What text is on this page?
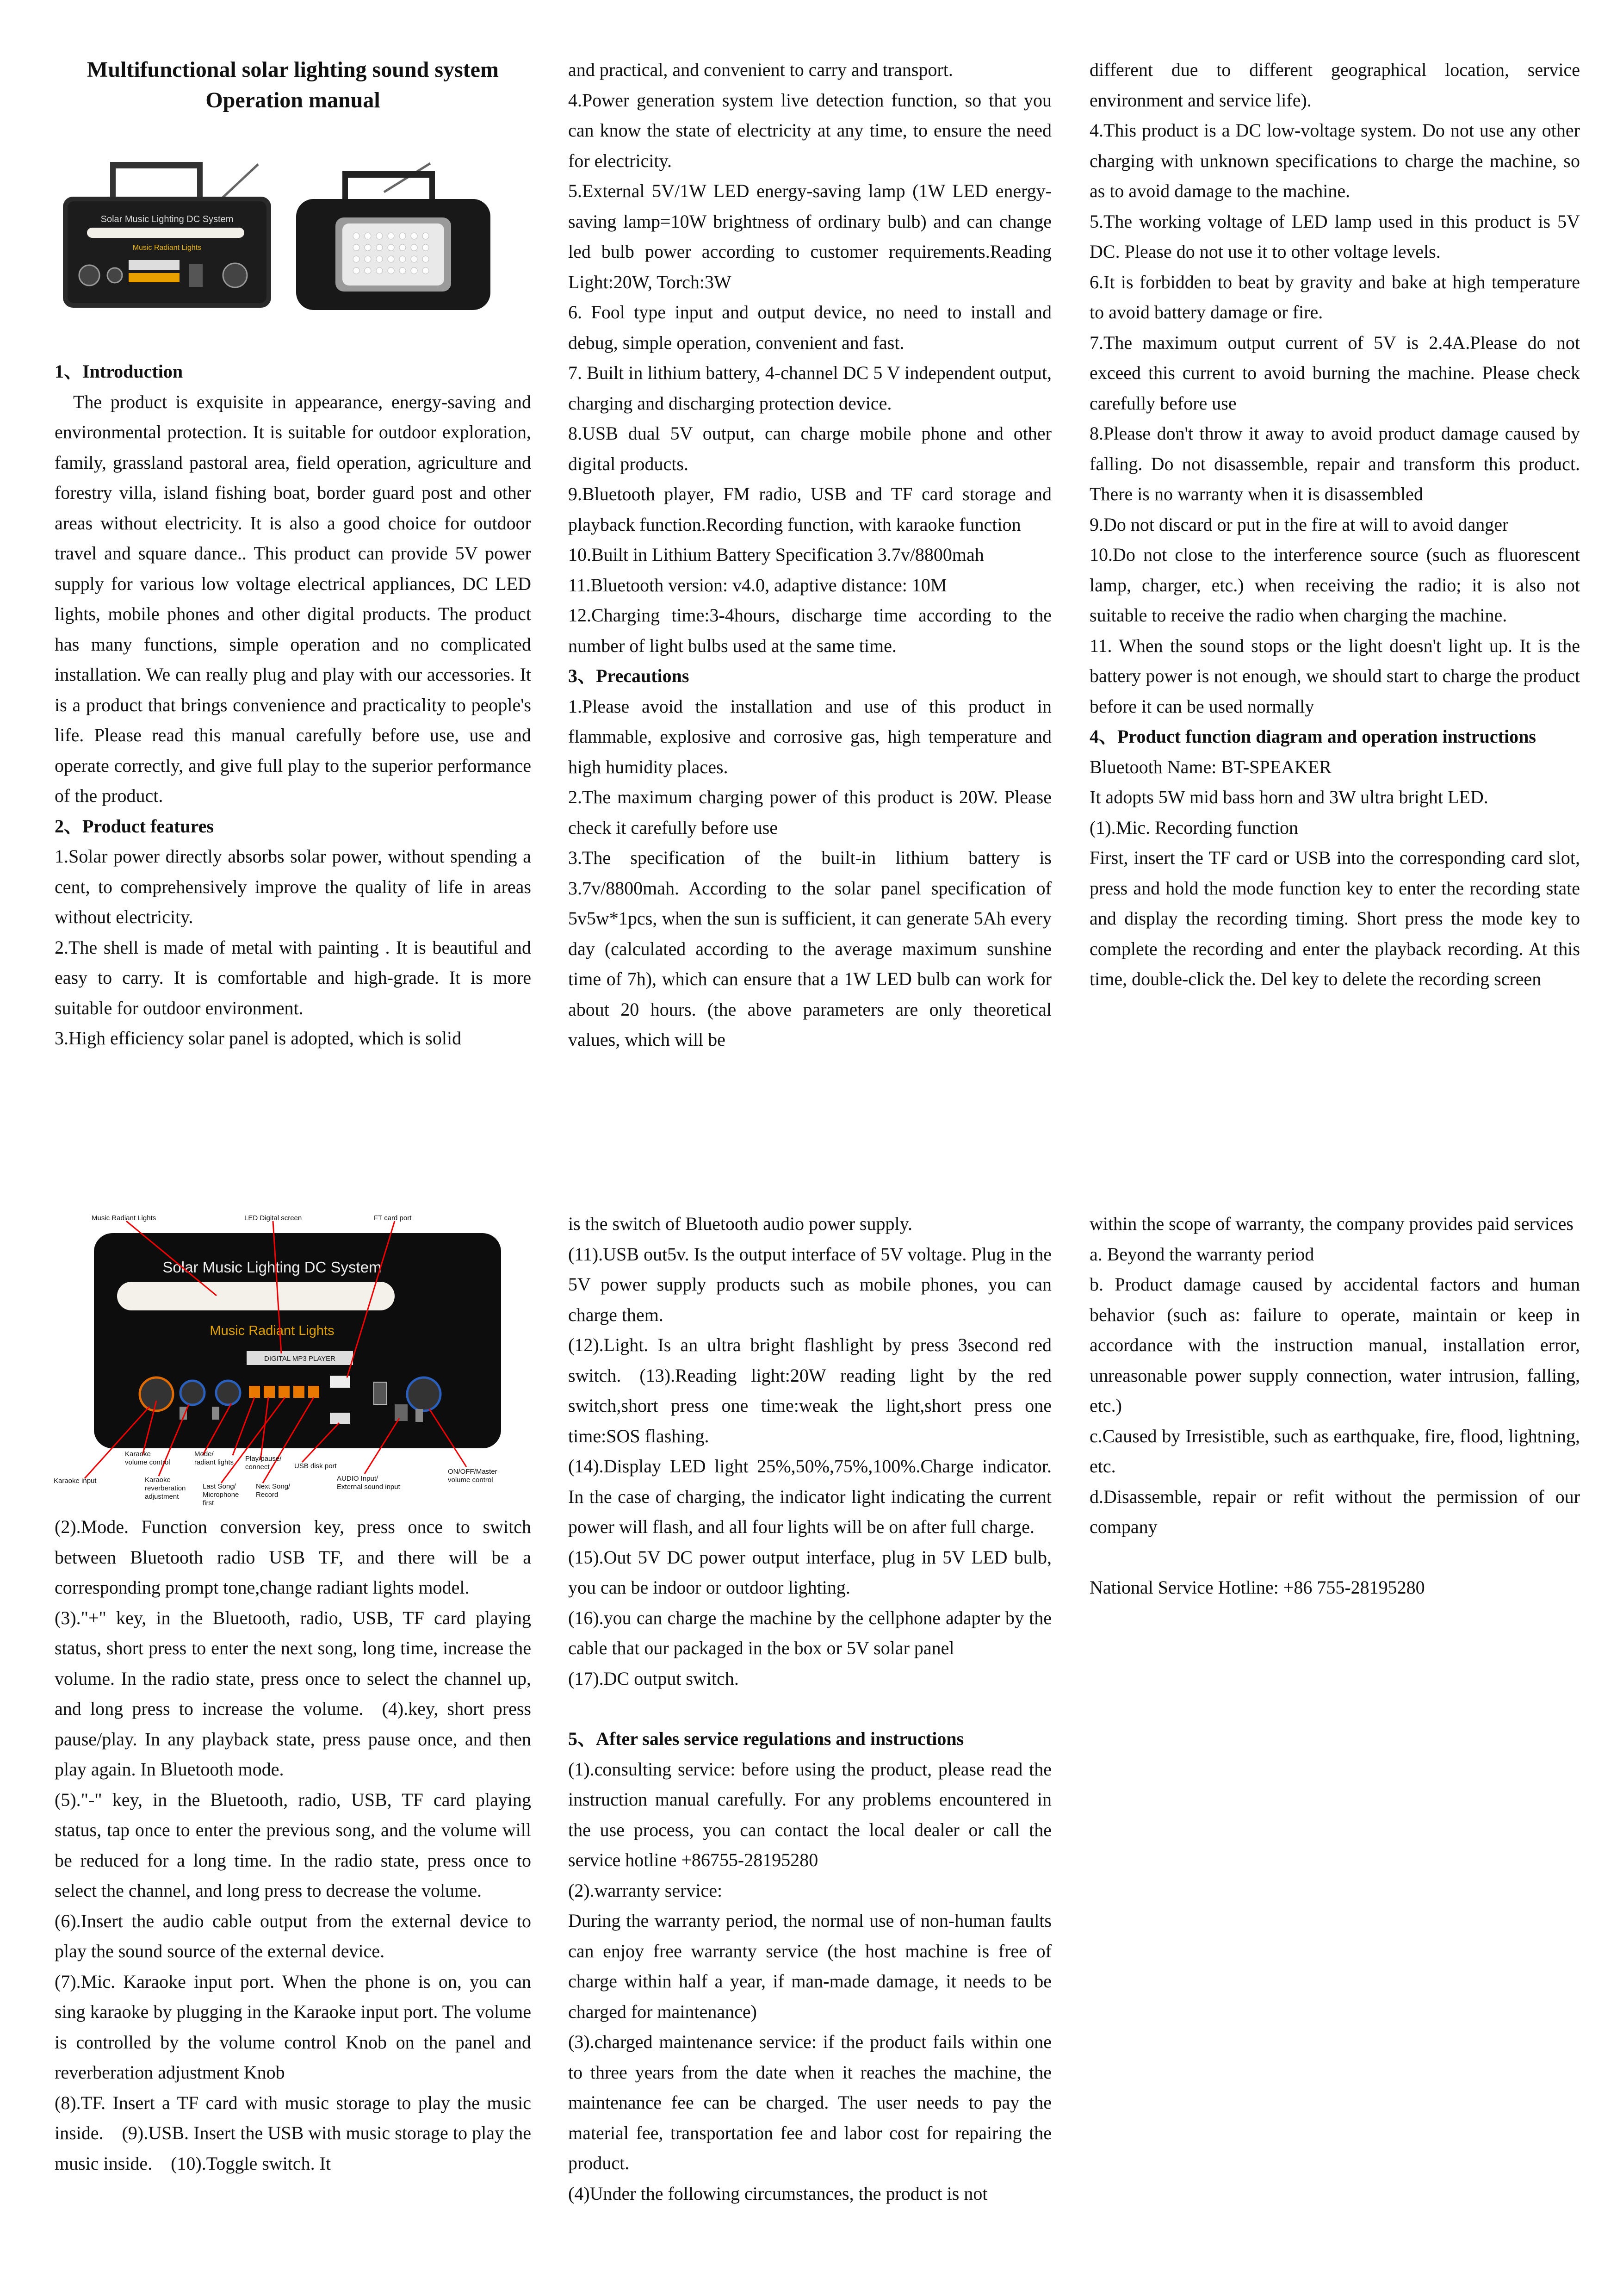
Multifunctional solar lighting sound system

Operation manual

Solar Music Lighting DC System
Music Radiant Lights

1、Introduction

 The product is exquisite in appearance, energy-saving and environmental protection. It is suitable for outdoor exploration, family, grassland pastoral area, field operation, agriculture and forestry villa, island fishing boat, border guard post and other areas without electricity. It is also a good choice for outdoor travel and square dance.. This product can provide 5V power supply for various low voltage electrical appliances, DC LED lights, mobile phones and other digital products. The product has many functions, simple operation and no complicated installation. We can really plug and play with our accessories. It is a product that brings convenience and practicality to people's life. Please read this manual carefully before use, use and operate correctly, and give full play to the superior performance of the product.

2、Product features

1.Solar power directly absorbs solar power, without spending a cent, to comprehensively improve the quality of life in areas without electricity.

2.The shell is made of metal with painting . It is beautiful and easy to carry. It is comfortable and high-grade. It is more suitable for outdoor environment.

3.High efficiency solar panel is adopted, which is solid

and practical, and convenient to carry and transport.

4.Power generation system live detection function, so that you can know the state of electricity at any time, to ensure the need for electricity.

5.External 5V/1W LED energy-saving lamp (1W LED energy-saving lamp=10W brightness of ordinary bulb) and can change led bulb power according to customer requirements.Reading Light:20W, Torch:3W

6. Fool type input and output device, no need to install and debug, simple operation, convenient and fast.

7. Built in lithium battery, 4-channel DC 5 V independent output, charging and discharging protection device.

8.USB dual 5V output, can charge mobile phone and other digital products.

9.Bluetooth player, FM radio, USB and TF card storage and playback function.Recording function, with karaoke function

10.Built in Lithium Battery Specification 3.7v/8800mah

11.Bluetooth version: v4.0, adaptive distance: 10M

12.Charging time:3-4hours, discharge time according to the number of light bulbs used at the same time.

3、Precautions

1.Please avoid the installation and use of this product in flammable, explosive and corrosive gas, high temperature and high humidity places.

2.The maximum charging power of this product is 20W. Please check it carefully before use

3.The specification of the built-in lithium battery is 3.7v/8800mah. According to the solar panel specification of 5v5w*1pcs, when the sun is sufficient, it can generate 5Ah every day (calculated according to the average maximum sunshine time of 7h), which can ensure that a 1W LED bulb can work for about 20 hours. (the above parameters are only theoretical values, which will be

different due to different geographical location, service environment and service life).

4.This product is a DC low-voltage system. Do not use any other charging with unknown specifications to charge the machine, so as to avoid damage to the machine.

5.The working voltage of LED lamp used in this product is 5V DC. Please do not use it to other voltage levels.

6.It is forbidden to beat by gravity and bake at high temperature to avoid battery damage or fire.

7.The maximum output current of 5V is 2.4A.Please do not exceed this current to avoid burning the machine. Please check carefully before use

8.Please don't throw it away to avoid product damage caused by falling. Do not disassemble, repair and transform this product. There is no warranty when it is disassembled

9.Do not discard or put in the fire at will to avoid danger

10.Do not close to the interference source (such as fluorescent lamp, charger, etc.) when receiving the radio; it is also not suitable to receive the radio when charging the machine.

11. When the sound stops or the light doesn't light up. It is the battery power is not enough, we should start to charge the product before it can be used normally

4、Product function diagram and operation instructions

Bluetooth Name: BT-SPEAKER

It adopts 5W mid bass horn and 3W ultra bright LED.

(1).Mic. Recording function

First, insert the TF card or USB into the corresponding card slot, press and hold the mode function key to enter the recording state and display the recording timing. Short press the mode key to complete the recording and enter the playback recording. At this time, double-click the. Del key to delete the recording screen

Solar Music Lighting DC System
Music Radiant Lights
DIGITAL MP3 PLAYER
Music Radiant Lights	LED Digital screen	FT card port
Karaoke
volume control
Karaoke input	Karaoke
reverberation
adjustment
Mode/
radiant lights Play/pause/
connect
Last Song/
Microphone
first
Next Song/
Record
USB disk port
AUDIO Input/
External sound input
ON/OFF/Master
volume control

(2).Mode. Function conversion key, press once to switch between Bluetooth radio USB TF, and there will be a corresponding prompt tone,change radiant lights model.

(3)."+" key, in the Bluetooth, radio, USB, TF card playing status, short press to enter the next song, long time, increase the volume. In the radio state, press once to select the channel up, and long press to increase the volume. (4).key, short press pause/play. In any playback state, press pause once, and then play again. In Bluetooth mode.

(5)."-" key, in the Bluetooth, radio, USB, TF card playing status, tap once to enter the previous song, and the volume will be reduced for a long time. In the radio state, press once to select the channel, and long press to decrease the volume.

(6).Insert the audio cable output from the external device to play the sound source of the external device.

(7).Mic. Karaoke input port. When the phone is on, you can sing karaoke by plugging in the Karaoke input port. The volume is controlled by the volume control Knob on the panel and reverberation adjustment Knob

(8).TF. Insert a TF card with music storage to play the music inside. (9).USB. Insert the USB with music storage to play the music inside. (10).Toggle switch. It

is the switch of Bluetooth audio power supply.

(11).USB out5v. Is the output interface of 5V voltage. Plug in the 5V power supply products such as mobile phones, you can charge them.

(12).Light. Is an ultra bright flashlight by press 3second red switch. (13).Reading light:20W reading light by the red switch,short press one time:weak the light,short press one time:SOS flashing.

(14).Display LED light 25%,50%,75%,100%.Charge indicator. In the case of charging, the indicator light indicating the current power will flash, and all four lights will be on after full charge.

(15).Out 5V DC power output interface, plug in 5V LED bulb, you can be indoor or outdoor lighting.

(16).you can charge the machine by the cellphone adapter by the cable that our packaged in the box or 5V solar panel

(17).DC output switch.

5、After sales service regulations and instructions

(1).consulting service: before using the product, please read the instruction manual carefully. For any problems encountered in the use process, you can contact the local dealer or call the service hotline +86755-28195280

(2).warranty service:

During the warranty period, the normal use of non-human faults can enjoy free warranty service (the host machine is free of charge within half a year, if man-made damage, it needs to be charged for maintenance)

(3).charged maintenance service: if the product fails within one to three years from the date when it reaches the machine, the maintenance fee can be charged. The user needs to pay the material fee, transportation fee and labor cost for repairing the product.

(4)Under the following circumstances, the product is not

within the scope of warranty, the company provides paid services

a. Beyond the warranty period

b. Product damage caused by accidental factors and human behavior (such as: failure to operate, maintain or keep in accordance with the instruction manual, installation error, unreasonable power supply connection, water intrusion, falling, etc.)

c.Caused by Irresistible, such as earthquake, fire, flood, lightning, etc.

d.Disassemble, repair or refit without the permission of our company

National Service Hotline: +86 755-28195280
